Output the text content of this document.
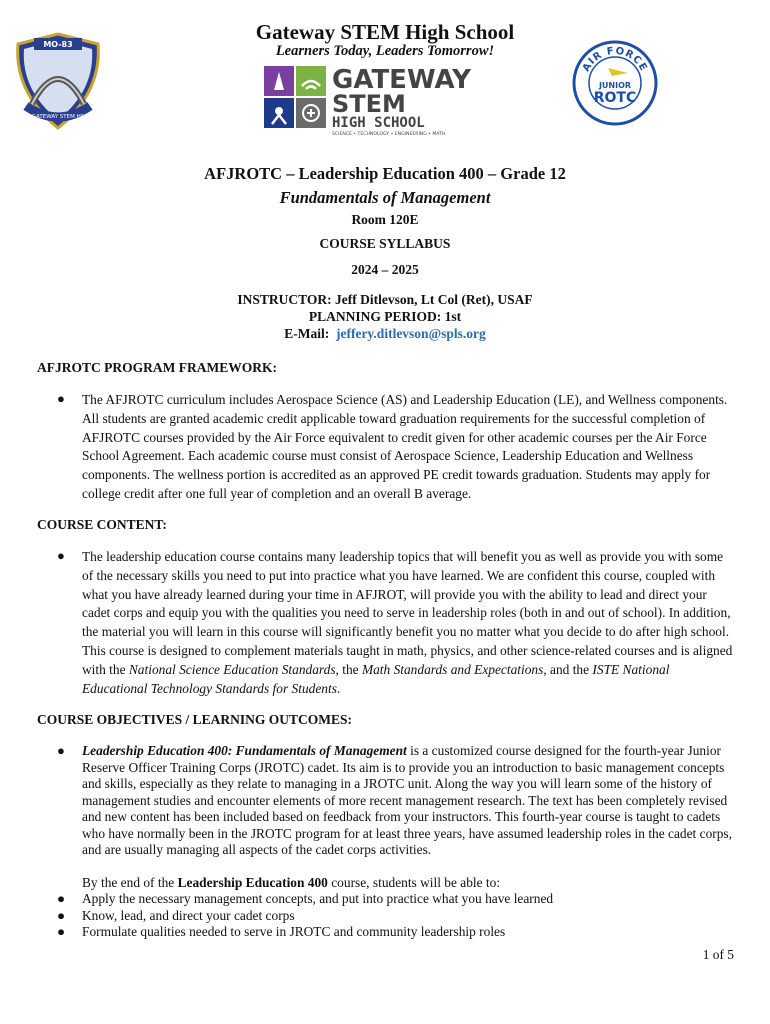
MO-83
GATEWAY STEM HS
Gateway STEM High School
Learners Today, Leaders Tomorrow!
GATEWAY
STEM
HIGH SCHOOL
SCIENCE • TECHNOLOGY • ENGINEERING • MATH
AIR FORCE
JUNIOR
ROTC
AFJROTC – Leadership Education 400 – Grade 12
Fundamentals of Management
Room 120E
COURSE SYLLABUS
2024 – 2025
INSTRUCTOR: Jeff Ditlevson, Lt Col (Ret), USAF
PLANNING PERIOD: 1st
E-Mail: jeffery.ditlevson@spls.org
AFJROTC PROGRAM FRAMEWORK:
● The AFJROTC curriculum includes Aerospace Science (AS) and Leadership Education (LE), and Wellness components. All students are granted academic credit applicable toward graduation requirements for the successful completion of AFJROTC courses provided by the Air Force equivalent to credit given for other academic courses per the Air Force School Agreement. Each academic course must consist of Aerospace Science, Leadership Education and Wellness components. The wellness portion is accredited as an approved PE credit towards graduation. Students may apply for college credit after one full year of completion and an overall B average.
COURSE CONTENT:
● The leadership education course contains many leadership topics that will benefit you as well as provide you with some of the necessary skills you need to put into practice what you have learned. We are confident this course, coupled with what you have already learned during your time in AFJROT, will provide you with the ability to lead and direct your cadet corps and equip you with the qualities you need to serve in leadership roles (both in and out of school). In addition, the material you will learn in this course will significantly benefit you no matter what you decide to do after high school. This course is designed to complement materials taught in math, physics, and other science-related courses and is aligned with the National Science Education Standards, the Math Standards and Expectations, and the ISTE National Educational Technology Standards for Students.
COURSE OBJECTIVES / LEARNING OUTCOMES:
● Leadership Education 400: Fundamentals of Management is a customized course designed for the fourth-year Junior Reserve Officer Training Corps (JROTC) cadet. Its aim is to provide you an introduction to basic management concepts and skills, especially as they relate to managing in a JROTC unit. Along the way you will learn some of the history of management studies and encounter elements of more recent management research. The text has been completely revised and new content has been included based on feedback from your instructors. This fourth-year course is taught to cadets who have normally been in the JROTC program for at least three years, have assumed leadership roles in the cadet corps, and are usually managing all aspects of the cadet corps activities.
By the end of the Leadership Education 400 course, students will be able to:
● Apply the necessary management concepts, and put into practice what you have learned
● Know, lead, and direct your cadet corps
● Formulate qualities needed to serve in JROTC and community leadership roles
1 of 5
